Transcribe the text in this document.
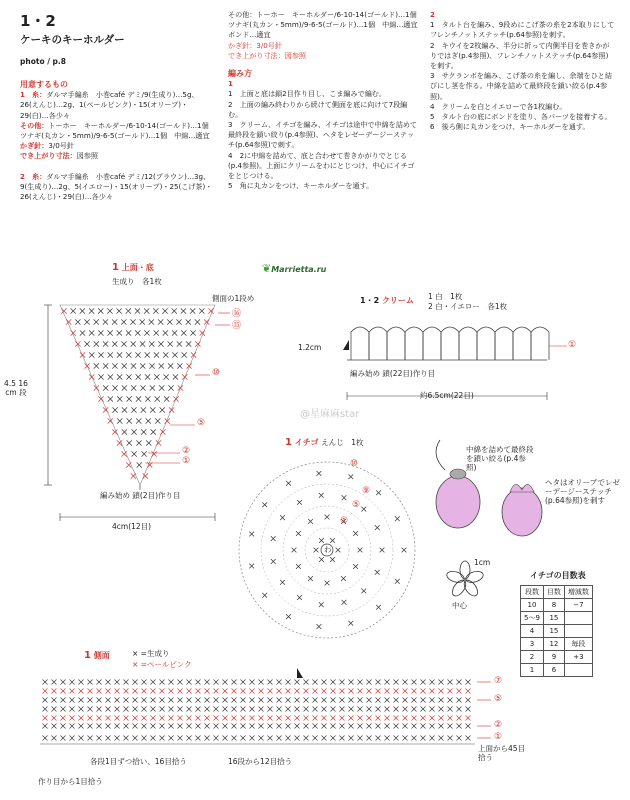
1・2
ケーキのキーホルダー
photo / p.8

用意するもの

1　糸：ダルマ手編糸　小巻café デミ/9(生成り)…5g、26(えんじ)…2g、1(ペールピンク)・15(オリーブ)・29(白)…各少々

その他：トーホー　キーホルダー/6-10-14(ゴールド)…1個　ツナギ(丸カン・5mm)/9-6-5(ゴールド)…1個　中綿…適宜

かぎ針：3/0号針

でき上がり寸法：図参照

2　糸：ダルマ手編糸　小巻café デミ/12(ブラウン)…3g、9(生成り)…2g、5(イエロー)・15(オリーブ)・25(こげ茶)・26(えんじ)・29(白)…各少々

その他：トーホー　キーホルダー/6-10-14(ゴールド)…1個　ツナギ(丸カン・5mm)/9-6-5(ゴールド)…1個　中綿…適宜　ボンド…適宜

かぎ針：3/0号針

でき上がり寸法：図参照

編み方

1

1　上面と底は鎖2目作り目し、こま編みで編む。

2　上面の編み終わりから続けて側面を底に向けて7段編む。

3　クリーム、イチゴを編み、イチゴは途中で中綿を詰めて最終段を鎖い絞り(p.4参照)、ヘタをレゼーデージーステッチ(p.64参照)で刺す。

4　2に中綿を詰めて、底と合わせて巻きかがりでとじる(p.4参照)。上面にクリームをわにとじつけ、中心にイチゴをとじつける。

5　角に丸カンをつけ、キーホルダーを通す。

2

1　タルト台を編み、9段めにこげ茶の糸を2本取りにしてフレンチノットステッチ(p.64参照)を刺す。

2　キウイを2枚編み、半分に折って内側半目を巻きかがりではぎ(p.4参照)、フレンチノットステッチ(p.64参照)を刺す。

3　サクランボを編み、こげ茶の糸を編し、余端をひと結びにし茎を作る。中綿を詰めて最終段を鎖い絞る(p.4参照)。

4　クリームを白とイエローで各1枚編む。

5　タルト台の底にボンドを塗り、各パーツを接着する。

6　後ろ側に丸カンをつけ、キーホルダーを通す。

❦Marrietta.ru
@星麻麻star
1 上面・底
生成り　各1枚
側面の1段め
4.5 16
cm 段
⑯
⑮
⑩
⑤
②
①
編み始め 鎖(2目)作り目
4cm(12目)
1・2 クリーム 1 白　1枚
2 白・イエロー　各1枚
1.2cm	①
編み始め 鎖(22目)作り目
約6.5cm(22目)
1 イチゴ えんじ　1枚
わ
⑩
⑨
⑤
①
中綿を詰めて最終段を鎖い絞る(p.4参照)
ヘタはオリーブでレゼーデージーステッチ(p.64参照)を刺す
1cm
中心
イチゴの目数表
段数	目数	増減数
10	8	−7
5〜9	15	
4	15	
3	12	毎段
2	9	+3
1	6	
1 側面	× =生成り
× =ペールピンク
⑦
⑤
②
①
作り目から1目拾う
各段1目ずつ拾い、16目拾う	16段から12目拾う
上面から45目拾う
